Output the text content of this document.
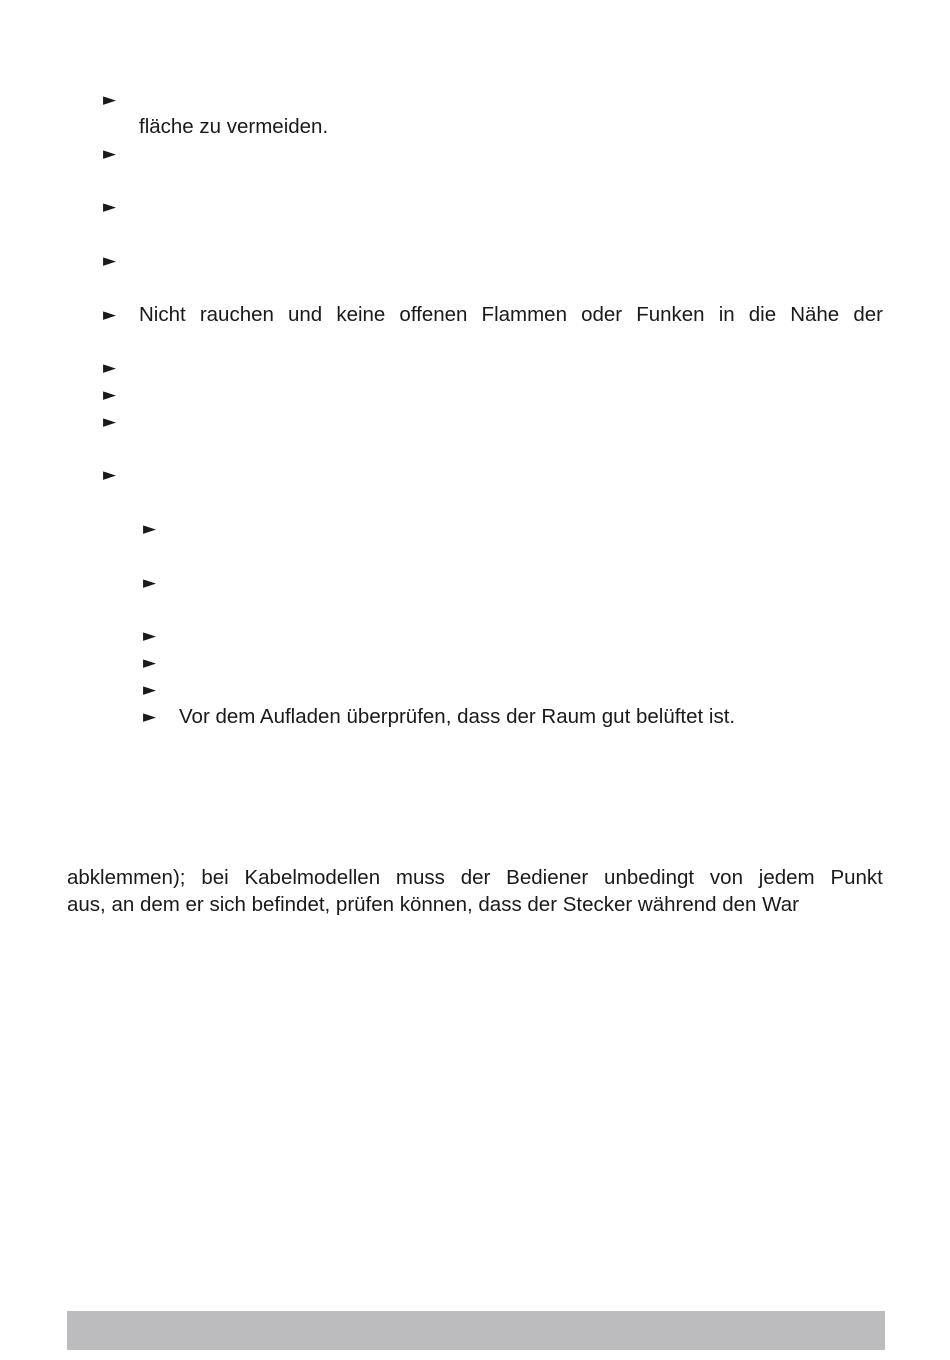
►
fläche zu vermeiden.
►
►
►
► Nicht rauchen und keine offenen Flammen oder Funken in die Nähe der
►
►
►
►
►
►
►
►
►
► Vor dem Aufladen überprüfen, dass der Raum gut belüftet ist.
abklemmen); bei Kabelmodellen muss der Bediener unbedingt von jedem Punkt
aus, an dem er sich befindet, prüfen können, dass der Stecker während den War
